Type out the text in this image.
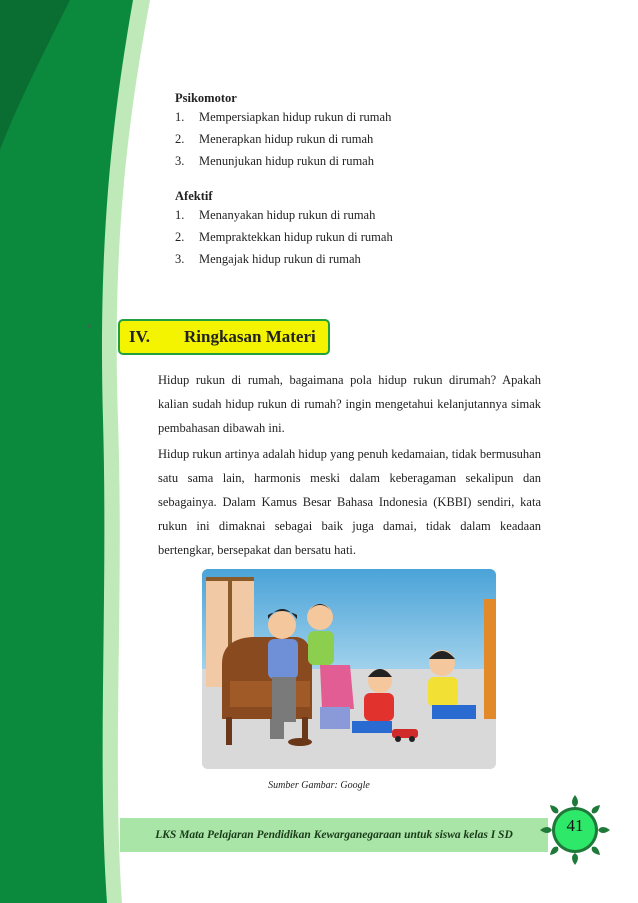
Psikomotor
1.	Mempersiapkan hidup rukun di rumah
2.	Menerapkan hidup rukun di rumah
3.	Menunjukan hidup rukun di rumah
Afektif
1.	Menanyakan hidup rukun di rumah
2.	Mempraktekkan hidup rukun di rumah
3.	Mengajak hidup rukun di rumah
e
IV.	Ringkasan Materi

Hidup rukun di rumah, bagaimana pola hidup rukun dirumah? Apakah kalian sudah hidup rukun di rumah? ingin mengetahui kelanjutannya simak pembahasan dibawah ini.

Hidup rukun artinya adalah hidup yang penuh kedamaian, tidak bermusuhan satu sama lain, harmonis meski dalam keberagaman sekalipun dan sebagainya. Dalam Kamus Besar Bahasa Indonesia (KBBI) sendiri, kata rukun ini dimaknai sebagai baik juga damai, tidak dalam keadaan bertengkar, bersepakat dan bersatu hati.

Sumber Gambar: Google
LKS Mata Pelajaran Pendidikan Kewarganegaraan untuk siswa kelas I SD	41
